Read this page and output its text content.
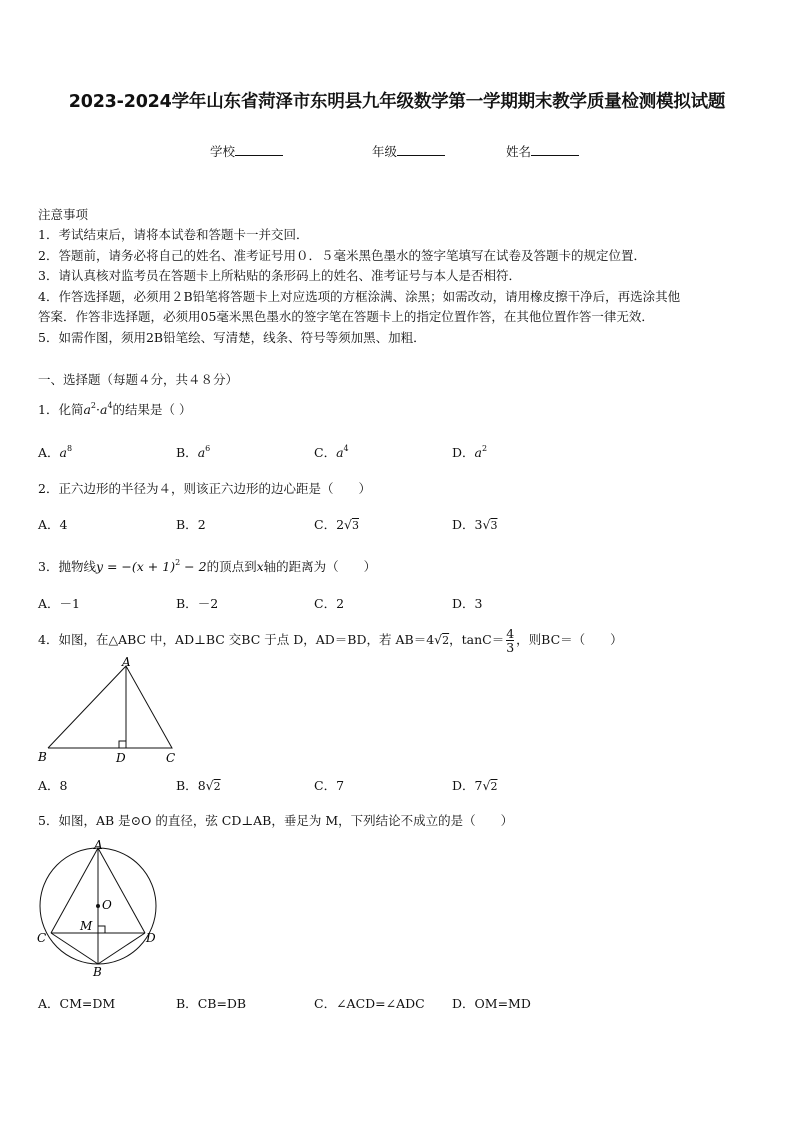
2023-2024学年山东省菏泽市东明县九年级数学第一学期期末教学质量检测模拟试题
学校	年级	姓名
注意事项
1．考试结束后，请将本试卷和答题卡一并交回．
2．答题前，请务必将自己的姓名、准考证号用０．５毫米黑色墨水的签字笔填写在试卷及答题卡的规定位置．
3．请认真核对监考员在答题卡上所粘贴的条形码上的姓名、准考证号与本人是否相符．
4．作答选择题，必须用２B铅笔将答题卡上对应选项的方框涂满、涂黑；如需改动，请用橡皮擦干净后，再选涂其他
答案．作答非选择题，必须用05毫米黑色墨水的签字笔在答题卡上的指定位置作答，在其他位置作答一律无效．
5．如需作图，须用2B铅笔绘、写清楚，线条、符号等须加黑、加粗．
一、选择题（每题４分，共４８分）
1．化简$a^2\cdot a^4$的结果是（ ）
A．$a^8$	B．$a^6$	C．$a^4$	D．$a^2$
2．正六边形的半径为４，则该正六边形的边心距是（　　）
A．4	B．2	C．2√3	D．3√3
3．抛物线$y = -(x + 1)^2 - 2$的顶点到x轴的距离为（　　）
A．－1	B．－2	C．2	D．3
4．如图，在△ABC 中，AD⊥BC 交BC 于点 D，AD＝BD，若 AB＝4√2，$\tan C= \frac{4}{3}$ ，则BC＝（　　）
A
B	D	C
A．8	B．8√2	C．7	D．7√2
5．如图，AB 是⊙O 的直径，弦 CD⊥AB，垂足为 M，下列结论不成立的是（　　）
A
O
M
C	D
B
A．CM=DM	B．CB=DB	C．∠ACD=∠ADC D．OM=MD
